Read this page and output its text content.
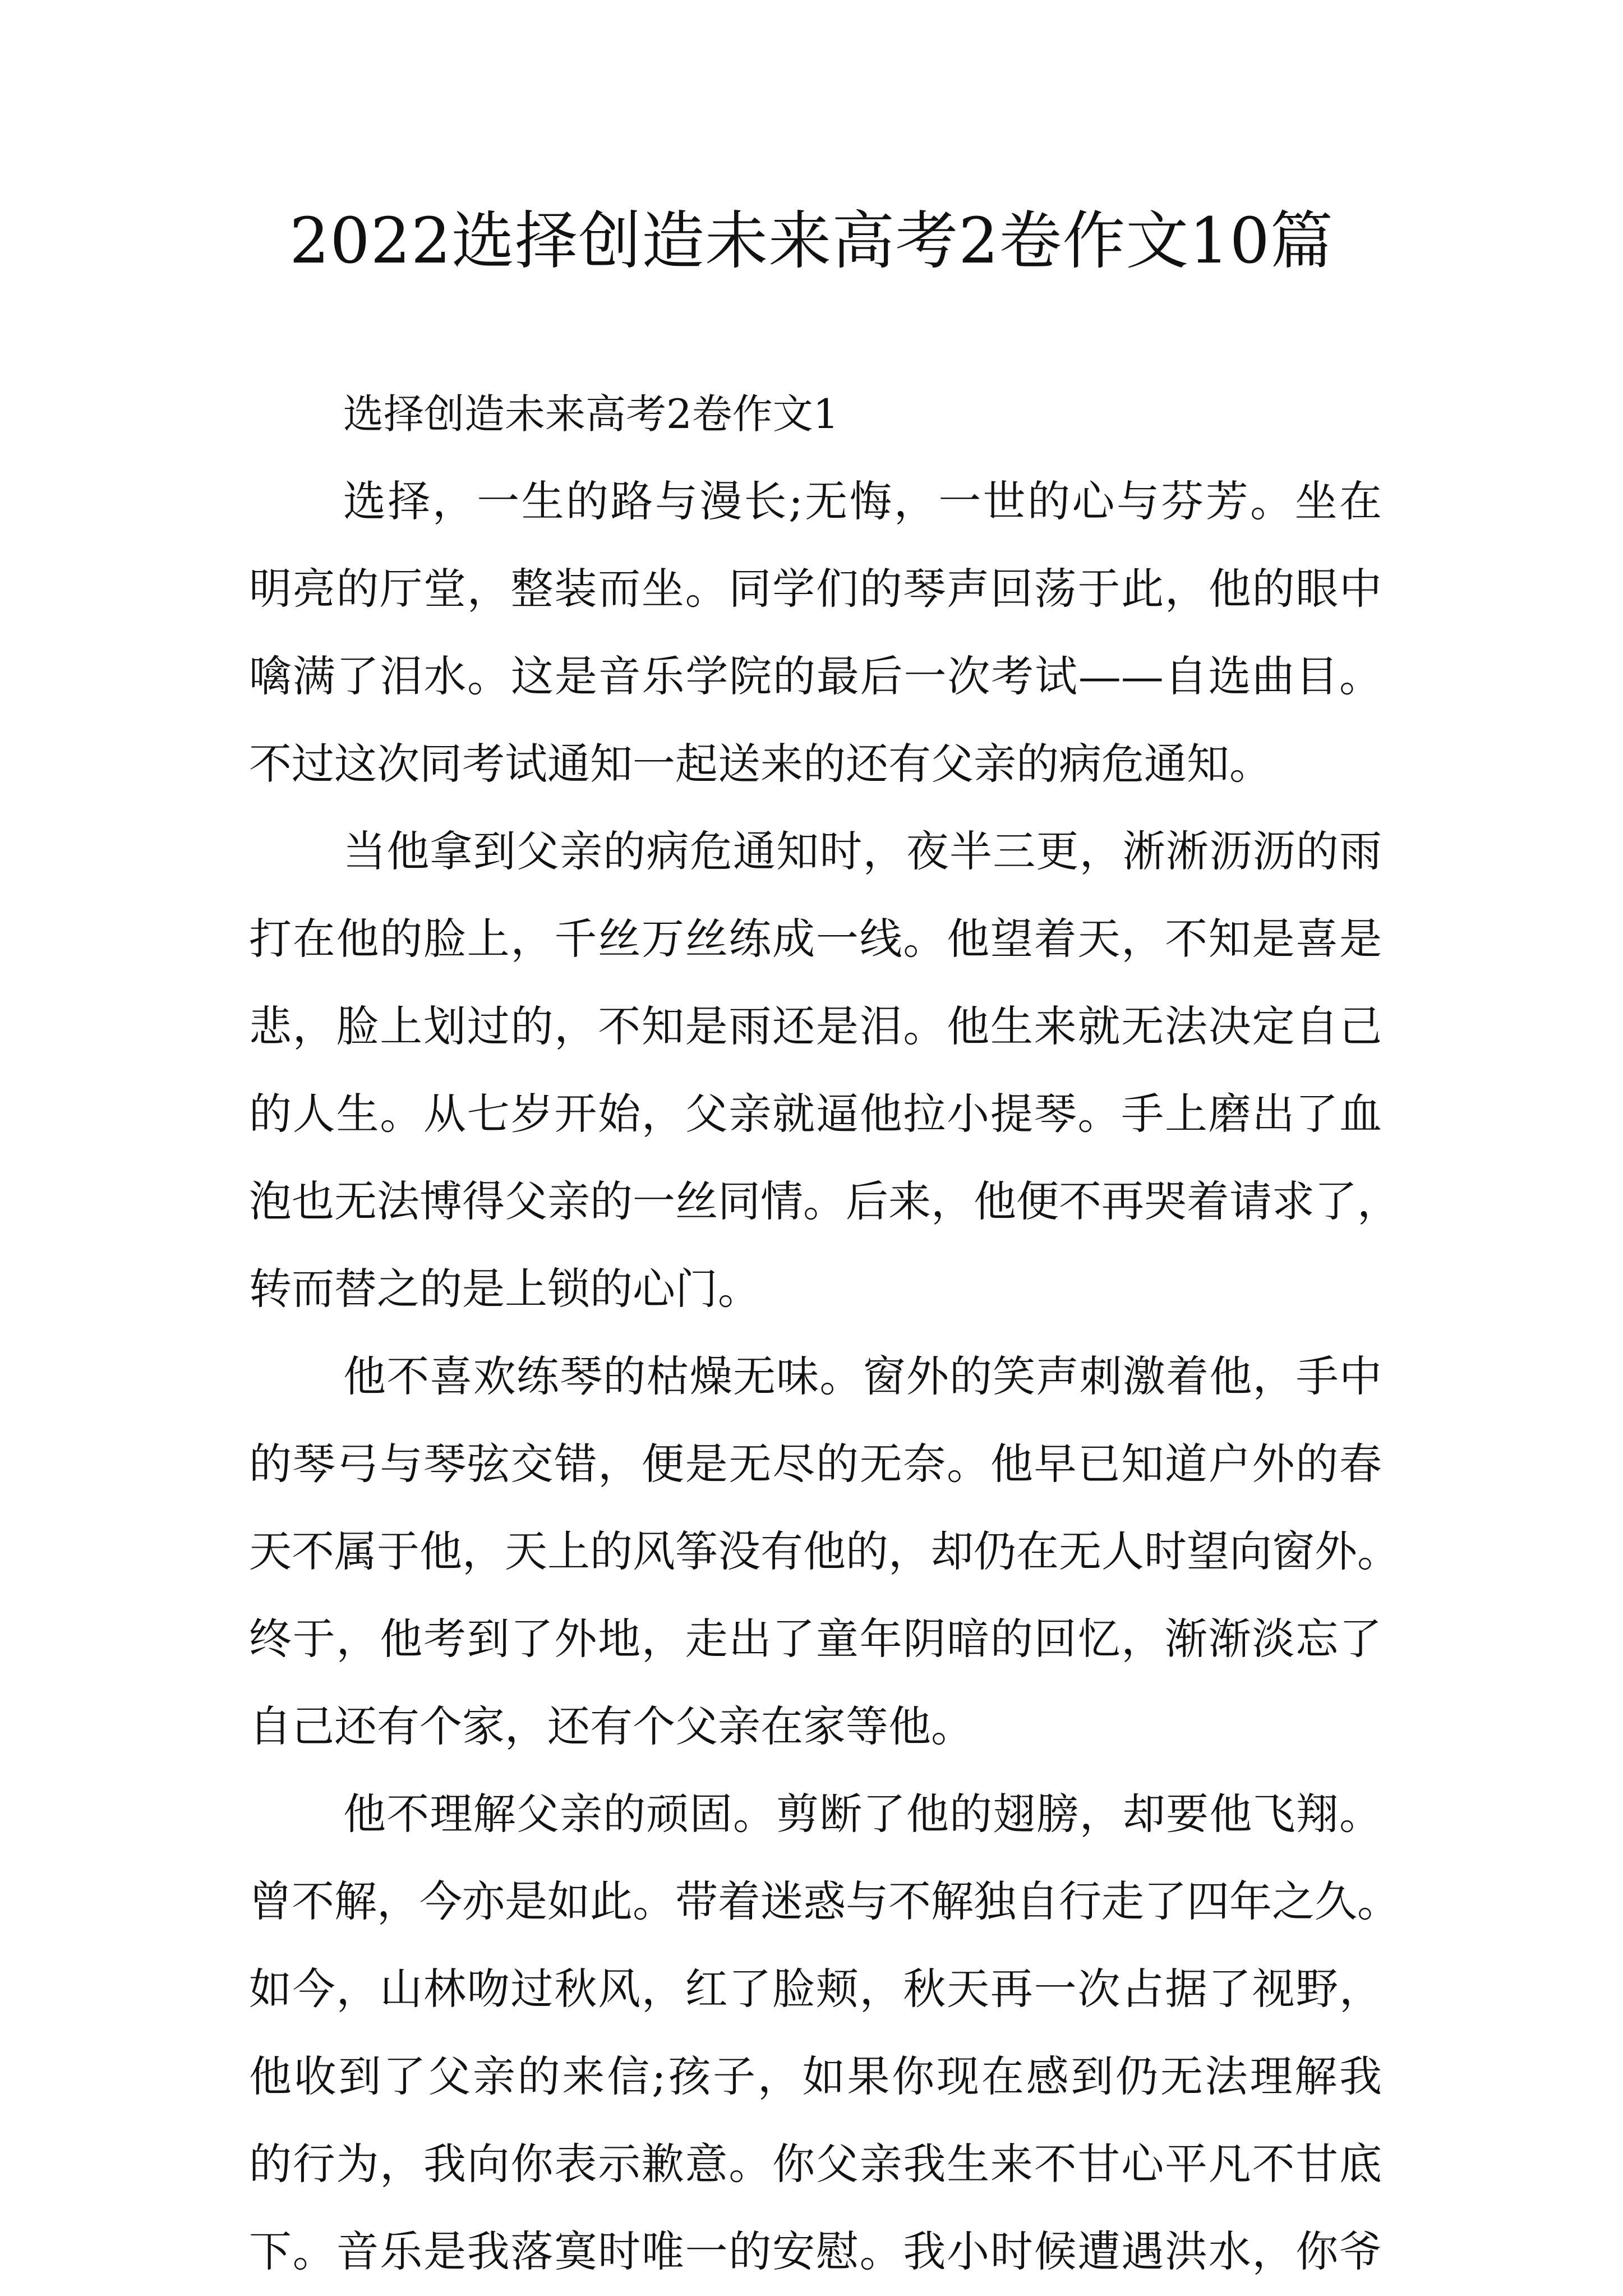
2022选择创造未来高考2卷作文10篇

选择创造未来高考2卷作文1

选择，一生的路与漫长;无悔，一世的心与芬芳。坐在
明亮的厅堂，整装而坐。同学们的琴声回荡于此，他的眼中
噙满了泪水。这是音乐学院的最后一次考试——自选曲目。
不过这次同考试通知一起送来的还有父亲的病危通知。
当他拿到父亲的病危通知时，夜半三更，淅淅沥沥的雨
打在他的脸上，千丝万丝练成一线。他望着天，不知是喜是
悲，脸上划过的，不知是雨还是泪。他生来就无法决定自己
的人生。从七岁开始，父亲就逼他拉小提琴。手上磨出了血
泡也无法博得父亲的一丝同情。后来，他便不再哭着请求了，
转而替之的是上锁的心门。
他不喜欢练琴的枯燥无味。窗外的笑声刺激着他，手中
的琴弓与琴弦交错，便是无尽的无奈。他早已知道户外的春
天不属于他，天上的风筝没有他的，却仍在无人时望向窗外。
终于，他考到了外地，走出了童年阴暗的回忆，渐渐淡忘了
自己还有个家，还有个父亲在家等他。
他不理解父亲的顽固。剪断了他的翅膀，却要他飞翔。
曾不解，今亦是如此。带着迷惑与不解独自行走了四年之久。
如今，山林吻过秋风，红了脸颊，秋天再一次占据了视野，
他收到了父亲的来信;孩子，如果你现在感到仍无法理解我
的行为，我向你表示歉意。你父亲我生来不甘心平凡不甘底
下。音乐是我落寞时唯一的安慰。我小时候遭遇洪水，你爷
